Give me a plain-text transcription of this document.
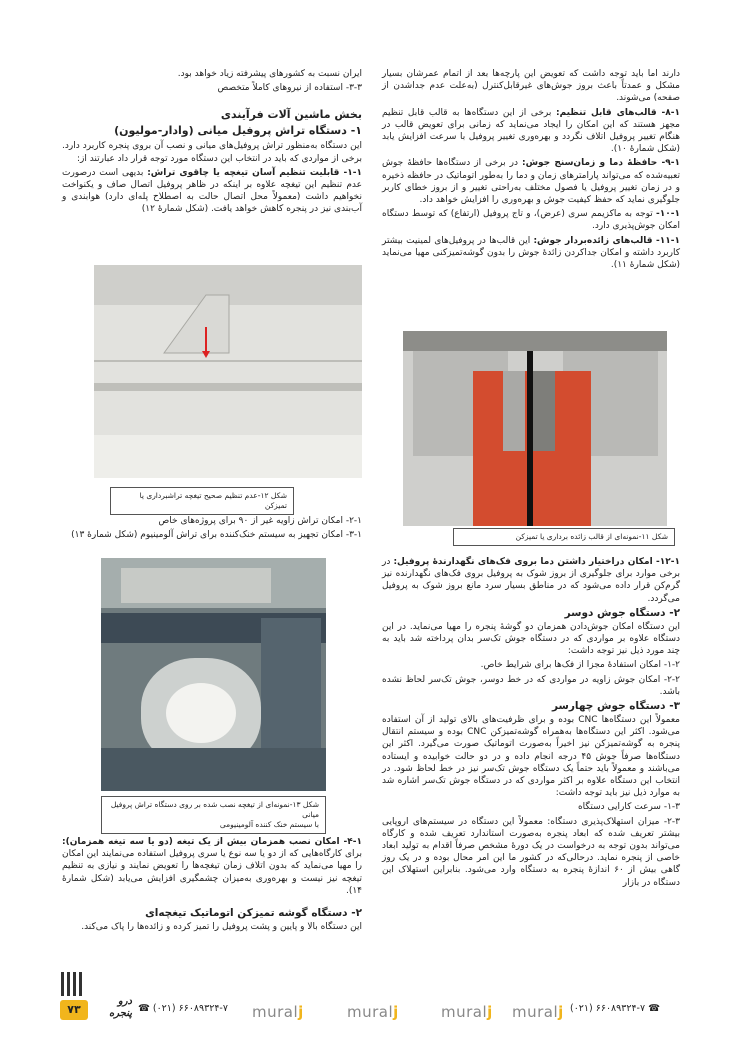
دارند اما باید توجه داشت که تعویض این پارچه‌ها بعد از اتمام عمرشان بسیار مشکل و عمدتاً باعث بروز جوش‌های غیرقابل‌کنترل (به‌علت عدم جداشدن از صفحه) می‌شوند.

۸-۱- قالب‌های قابل تنظیم: برخی از این دستگاه‌ها به قالب قابل تنظیم مجهز هستند که این امکان را ایجاد می‌نماید که زمانی برای تعویض قالب در هنگام تغییر پروفیل اتلاف نگردد و بهره‌وری تغییر پروفیل با سرعت افزایش یابد (شکل شمارۀ ۱۰).

۹-۱- حافظۀ دما و زمان‌سنج جوش: در برخی از دستگاه‌ها حافظۀ جوش تعبیه‌شده که می‌تواند پارامترهای زمان و دما را به‌طور اتوماتیک در حافظه ذخیره و در زمان تغییر پروفیل یا فصول مختلف به‌راحتی تغییر و از بروز خطای کاربر جلوگیری نماید که حفظ کیفیت جوش و بهره‌وری را افزایش خواهد داد.

۱۰-۱- توجه به ماکزیمم سری (عرض)، و تاج پروفیل (ارتفاع) که توسط دستگاه امکان جوش‌پذیری دارد.

۱۱-۱- قالب‌های زائده‌بردار جوش: این قالب‌ها در پروفیل‌های لمینیت بیشتر کاربرد داشته و امکان جداکردن زائدۀ جوش را بدون گوشه‌تمیزکنی مهیا می‌نماید (شکل شمارۀ ۱۱).

شکل ۱۱-نمونه‌ای از قالب زائده برداری یا تمیزکن

۱۲-۱- امکان دراختیار داشتن دما بروی فک‌های نگهدارندۀ پروفیل: در برخی موارد برای جلوگیری از بروز شوک به پروفیل بروی فک‌های نگهدارنده نیز گرم‌کن قرار داده می‌شود که در مناطق بسیار سرد مانع بروز شوک به پروفیل می‌گردد.

۲- دستگاه جوش دوسر

این دستگاه امکان جوش‌دادن همزمان دو گوشۀ پنجره را مهیا می‌نماید. در این دستگاه علاوه بر مواردی که در دستگاه جوش تک‌سر بدان پرداخته شد باید به چند مورد ذیل نیز توجه داشت:

۱-۲- امکان استفادۀ مجزا از فک‌ها برای شرایط خاص.

۲-۲- امکان جوش زاویه در مواردی که در خط دوسر، جوش تک‌سر لحاظ نشده باشد.

۳- دستگاه جوش چهارسر

معمولاً این دستگاه‌ها CNC بوده و برای ظرفیت‌های بالای تولید از آن استفاده می‌شود. اکثر این دستگاه‌ها به‌همراه گوشه‌تمیزکن CNC بوده و سیستم انتقال پنجره به گوشه‌تمیزکن نیز اخیراً به‌صورت اتوماتیک صورت می‌گیرد. اکثر این دستگاه‌ها صرفاً جوش ۴۵ درجه انجام داده و در دو حالت خوابیده و ایستاده می‌باشند و معمولاً باید حتماً یک دستگاه جوش تک‌سر نیز در خط لحاظ شود. در انتخاب این دستگاه علاوه بر اکثر مواردی که در دستگاه جوش تک‌سر اشاره شد به موارد ذیل نیز باید توجه داشت:

۱-۳- سرعت کارایی دستگاه

۲-۳- میزان استهلاک‌پذیری دستگاه: معمولاً این دستگاه در سیستم‌های اروپایی بیشتر تعریف شده که ابعاد پنجره به‌صورت استاندارد تعریف شده و کارگاه می‌تواند بدون توجه به درخواست در یک دورۀ مشخص صرفاً اقدام به تولید ابعاد خاصی از پنجره نماید. درحالی‌که در کشور ما این امر محال بوده و در یک روز گاهی بیش از ۶۰ اندازۀ پنجره به دستگاه وارد می‌شود. بنابراین استهلاک این دستگاه در بازار

ایران نسبت به کشورهای پیشرفته زیاد خواهد بود.

۳-۳- استفاده از نیروهای کاملاً متخصص

بخش ماشین آلات فرآیندی
۱- دستگاه تراش پروفیل میانی (وادار-مولیون)

این دستگاه به‌منظور تراش پروفیل‌های میانی و نصب آن بروی پنجره کاربرد دارد. برخی از مواردی که باید در انتخاب این دستگاه مورد توجه قرار داد عبارتند از:

۱-۱- قابلیت تنظیم آسان تیغچه یا چاقوی تراش: بدیهی است درصورت عدم تنظیم این تیغچه علاوه بر اینکه در ظاهر پروفیل اتصال صاف و یکنواخت نخواهیم داشت (معمولاً محل اتصال حالت به اصطلاح پله‌ای دارد) هوابندی و آب‌بندی نیز در پنجره کاهش خواهد یافت. (شکل شمارۀ ۱۲)

شکل ۱۲-عدم تنظیم صحیح تیغچه تراشبرداری یا تمیزکن

۲-۱- امکان تراش زاویه غیر از ۹۰ برای پروژه‌های خاص

۳-۱- امکان تجهیز به سیستم خنک‌کننده برای تراش آلومینیوم (شکل شمارۀ ۱۳)

شکل ۱۳-نمونه‌ای از تیغچه نصب شده بر روی دستگاه تراش پروفیل میانی
با سیستم خنک کننده آلومینیومی

۴-۱- امکان نصب همزمان بیش از یک تیغه (دو یا سه تیغه همزمان): برای کارگاه‌هایی که از دو یا سه نوع یا سری پروفیل استفاده می‌نمایند این امکان را مهیا می‌نماید که بدون اتلاف زمان تیغچه‌ها را تعویض نمایند و نیازی به تنظیم تیغچه نیز نیست و بهره‌وری به‌میزان چشمگیری افزایش می‌یابد (شکل شمارۀ ۱۴).

۲- دستگاه گوشه تمیزکن اتوماتیک تیغچه‌ای

این دستگاه بالا و پایین و پشت پروفیل را تمیز کرده و زائده‌ها را پاک می‌کند.

۷۳
درو پنجره‌ ☎ (۰۲۱) ۶۶۰۸۹۳۲۴-۷ muralj	muralj	muralj muralj (۰۲۱) ۶۶۰۸۹۳۲۴-۷ ☎
